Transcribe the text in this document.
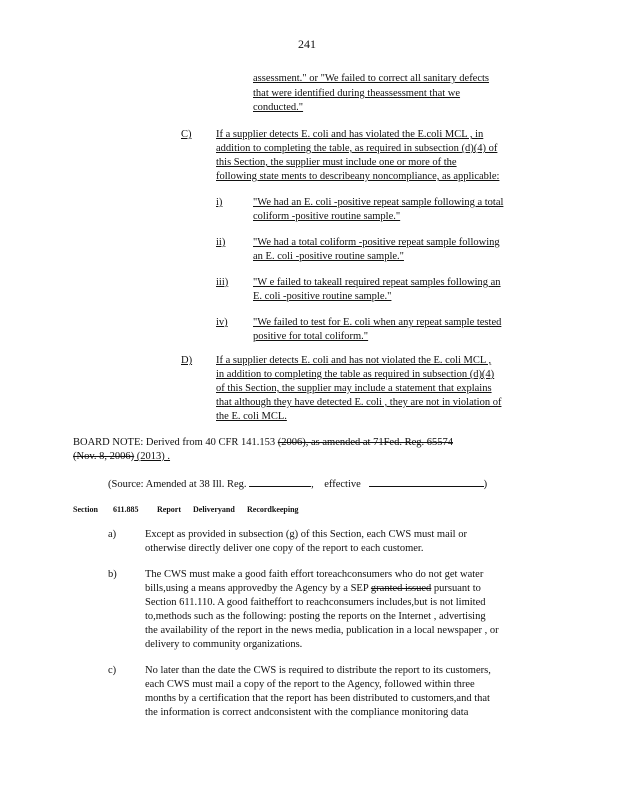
241
assessment." or "We failed to correct all sanitary defects
that were identified during theassessment that we
conducted."
C) If a supplier detects E. coli and has violated the E.coli MCL , in
addition to completing the table, as required in subsection (d)(4) of
this Section, the supplier must include one or more of the
following state ments to describeany noncompliance, as applicable:
i)	"We had an E. coli -positive repeat sample following a total
coliform -positive routine sample."
ii)	"We had a total coliform -positive repeat sample following
an E. coli -positive routine sample."
iii) "W e failed to takeall required repeat samples following an
E. coli -positive routine sample."
iv) "We failed to test for E. coli when any repeat sample tested
positive for total coliform."
D) If a supplier detects E. coli and has not violated the E. coli MCL ,
in addition to completing the table as required in subsection (d)(4)
of this Section, the supplier may include a statement that explains
that although they have detected E. coli , they are not in violation of
the E. coli MCL.
BOARD NOTE: Derived from 40 CFR 141.153 (2006), as amended at 71Fed. Reg. 65574
(Nov. 8, 2006) (2013) .
(Source: Amended at 38 Ill. Reg.	, effective	)
Section 611.885 Report Deliveryand Recordkeeping
a)	Except as provided in subsection (g) of this Section, each CWS must mail or
otherwise directly deliver one copy of the report to each customer.
b)	The CWS must make a good faith effort toreachconsumers who do not get water
bills,using a means approvedby the Agency by a SEP granted issued pursuant to
Section 611.110. A good faitheffort to reachconsumers includes,but is not limited
to,methods such as the following: posting the reports on the Internet , advertising
the availability of the report in the news media, publication in a local newspaper , or
delivery to community organizations.
c)	No later than the date the CWS is required to distribute the report to its customers,
each CWS must mail a copy of the report to the Agency, followed within three
months by a certification that the report has been distributed to customers,and that
the information is correct andconsistent with the compliance monitoring data
